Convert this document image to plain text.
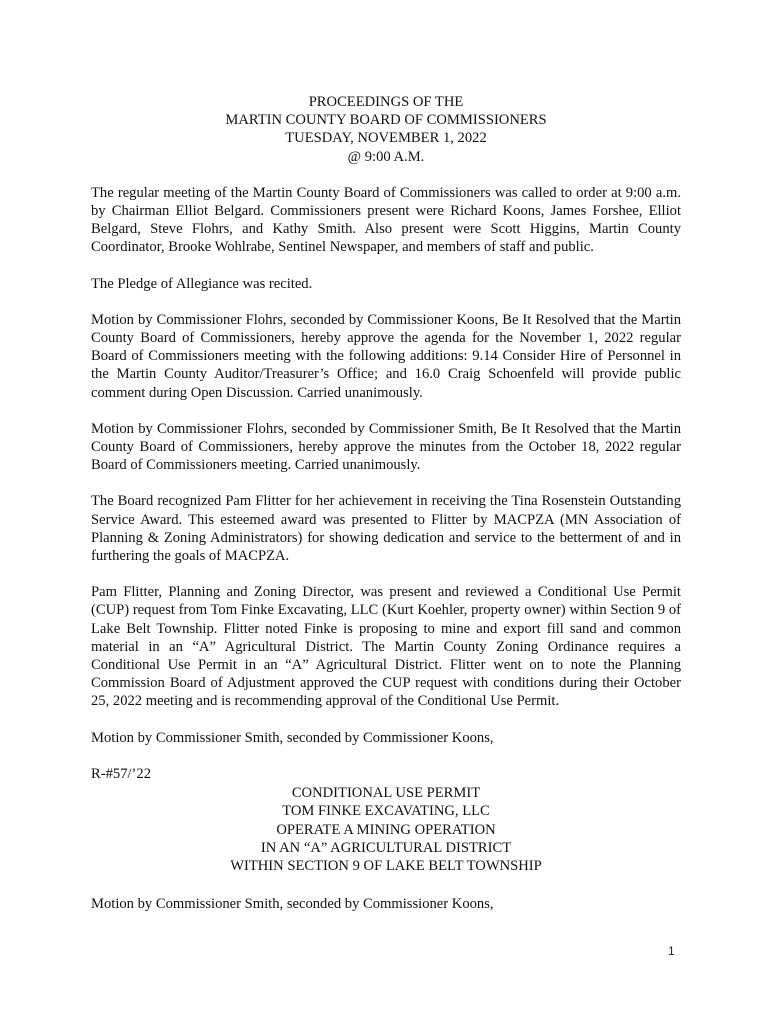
PROCEEDINGS OF THE
MARTIN COUNTY BOARD OF COMMISSIONERS
TUESDAY, NOVEMBER 1, 2022
@ 9:00 A.M.

The regular meeting of the Martin County Board of Commissioners was called to order at 9:00 a.m. by Chairman Elliot Belgard. Commissioners present were Richard Koons, James Forshee, Elliot Belgard, Steve Flohrs, and Kathy Smith. Also present were Scott Higgins, Martin County Coordinator, Brooke Wohlrabe, Sentinel Newspaper, and members of staff and public.

The Pledge of Allegiance was recited.

Motion by Commissioner Flohrs, seconded by Commissioner Koons, Be It Resolved that the Martin County Board of Commissioners, hereby approve the agenda for the November 1, 2022 regular Board of Commissioners meeting with the following additions: 9.14 Consider Hire of Personnel in the Martin County Auditor/Treasurer’s Office; and 16.0 Craig Schoenfeld will provide public comment during Open Discussion. Carried unanimously.

Motion by Commissioner Flohrs, seconded by Commissioner Smith, Be It Resolved that the Martin County Board of Commissioners, hereby approve the minutes from the October 18, 2022 regular Board of Commissioners meeting. Carried unanimously.

The Board recognized Pam Flitter for her achievement in receiving the Tina Rosenstein Outstanding Service Award. This esteemed award was presented to Flitter by MACPZA (MN Association of Planning & Zoning Administrators) for showing dedication and service to the betterment of and in furthering the goals of MACPZA.

Pam Flitter, Planning and Zoning Director, was present and reviewed a Conditional Use Permit (CUP) request from Tom Finke Excavating, LLC (Kurt Koehler, property owner) within Section 9 of Lake Belt Township. Flitter noted Finke is proposing to mine and export fill sand and common material in an “A” Agricultural District. The Martin County Zoning Ordinance requires a Conditional Use Permit in an “A” Agricultural District. Flitter went on to note the Planning Commission Board of Adjustment approved the CUP request with conditions during their October 25, 2022 meeting and is recommending approval of the Conditional Use Permit.

Motion by Commissioner Smith, seconded by Commissioner Koons,

R-#57/’22
CONDITIONAL USE PERMIT
TOM FINKE EXCAVATING, LLC
OPERATE A MINING OPERATION
IN AN “A” AGRICULTURAL DISTRICT
WITHIN SECTION 9 OF LAKE BELT TOWNSHIP

Motion by Commissioner Smith, seconded by Commissioner Koons,

1
